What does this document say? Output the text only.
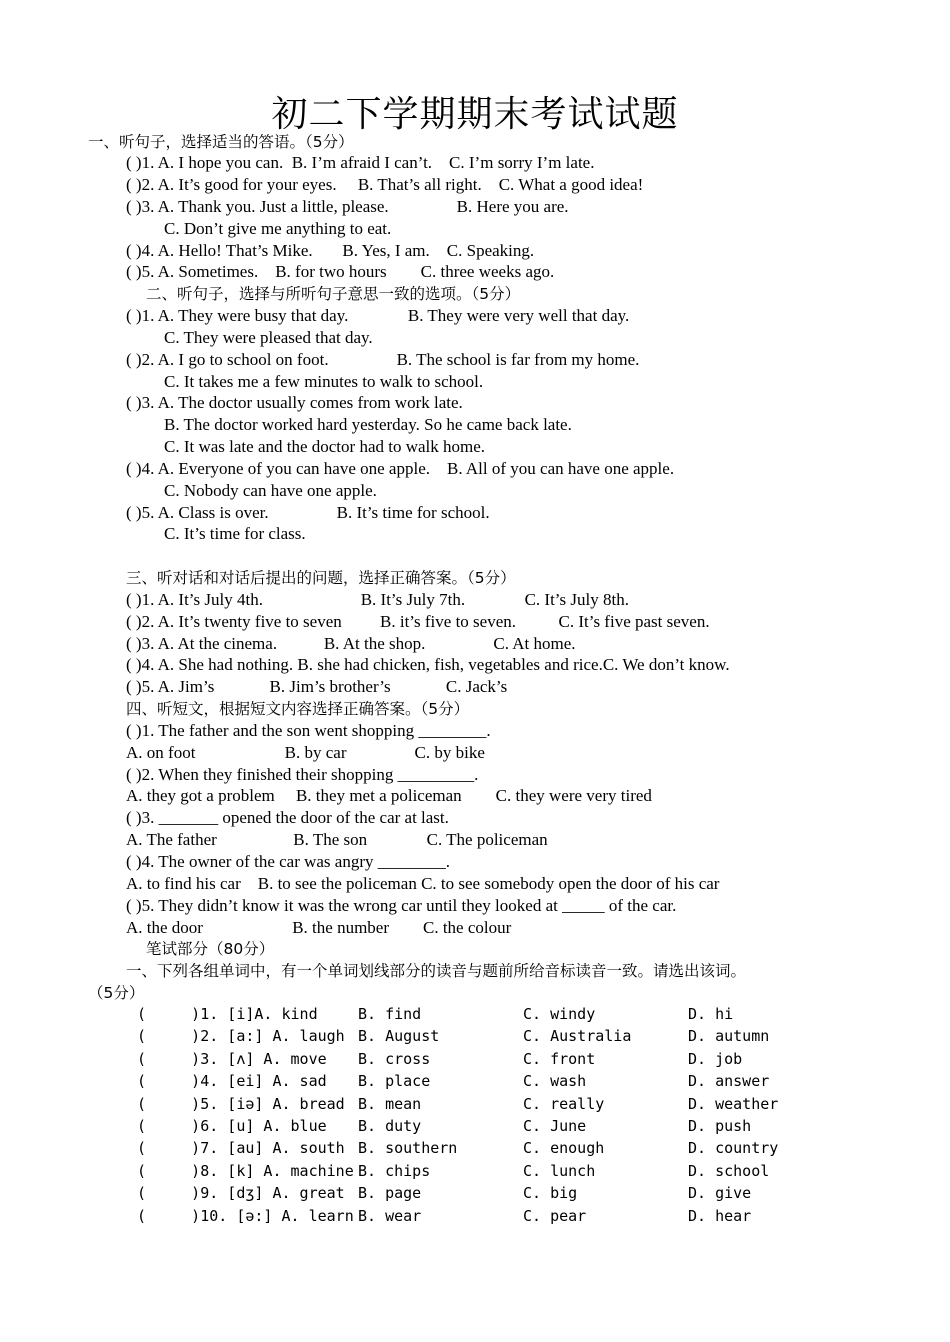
初二下学期期末考试试题
一、听句子，选择适当的答语。（5分）
( )1. A. I hope you can.  B. I’m afraid I can’t.    C. I’m sorry I’m late.
( )2. A. It’s good for your eyes.     B. That’s all right.    C. What a good idea!
( )3. A. Thank you. Just a little, please.                B. Here you are.
C. Don’t give me anything to eat.
( )4. A. Hello! That’s Mike.       B. Yes, I am.    C. Speaking.
( )5. A. Sometimes.    B. for two hours        C. three weeks ago.
二、听句子，选择与所听句子意思一致的选项。（5分）
( )1. A. They were busy that day.              B. They were very well that day.
C. They were pleased that day.
( )2. A. I go to school on foot.                B. The school is far from my home.
C. It takes me a few minutes to walk to school.
( )3. A. The doctor usually comes from work late.
B. The doctor worked hard yesterday. So he came back late.
C. It was late and the doctor had to walk home.
( )4. A. Everyone of you can have one apple.    B. All of you can have one apple.
C. Nobody can have one apple.
( )5. A. Class is over.                B. It’s time for school.
C. It’s time for class.
三、听对话和对话后提出的问题，选择正确答案。（5分）
( )1. A. It’s July 4th.                       B. It’s July 7th.              C. It’s July 8th.
( )2. A. It’s twenty five to seven         B. it’s five to seven.          C. It’s five past seven.
( )3. A. At the cinema.           B. At the shop.                C. At home.
( )4. A. She had nothing. B. she had chicken, fish, vegetables and rice.C. We don’t know.
( )5. A. Jim’s             B. Jim’s brother’s             C. Jack’s
四、听短文，根据短文内容选择正确答案。（5分）
( )1. The father and the son went shopping ________.
A. on foot                     B. by car                C. by bike
( )2. When they finished their shopping _________.
A. they got a problem     B. they met a policeman        C. they were very tired
( )3. _______ opened the door of the car at last.
A. The father                  B. The son              C. The policeman
( )4. The owner of the car was angry ________.
A. to find his car    B. to see the policeman C. to see somebody open the door of his car
( )5. They didn’t know it was the wrong car until they looked at _____ of the car.
A. the door                     B. the number        C. the colour
笔试部分（80分）
一、下列各组单词中，有一个单词划线部分的读音与题前所给音标读音一致。请选出该词。
（5分）
(     )1. [i]A. kind	B. find	C. windy	D. hi
(     )2. [a:] A. laugh B. August	C. Australia	D. autumn
(     )3. [ʌ] A. move B. cross	C. front	D. job
(     )4. [ei] A. sad B. place	C. wash	D. answer
(     )5. [iə] A. bread B. mean	C. really	D. weather
(     )6. [u] A. blue B. duty	C. June	D. push
(     )7. [au] A. south B. southern	C. enough	D. country
(     )8. [k] A. machine B. chips	C. lunch	D. school
(     )9. [dʒ] A. great B. page	C. big	D. give
(     )10. [ə:] A. learn B. wear	C. pear	D. hear
